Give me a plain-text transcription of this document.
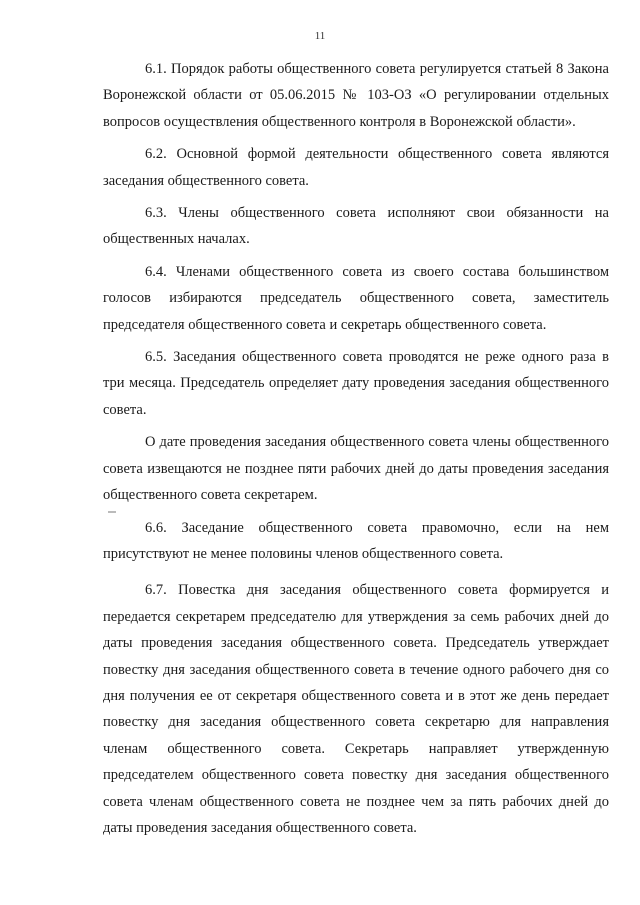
11

6.1. Порядок работы общественного совета регулируется статьей 8 Закона Воронежской области от 05.06.2015 № 103-ОЗ «О регулировании отдельных вопросов осуществления общественного контроля в Воронежской области».

6.2. Основной формой деятельности общественного совета являются заседания общественного совета.

6.3. Члены общественного совета исполняют свои обязанности на общественных началах.

6.4. Членами общественного совета из своего состава большинством голосов избираются председатель общественного совета, заместитель председателя общественного совета и секретарь общественного совета.

6.5. Заседания общественного совета проводятся не реже одного раза в три месяца. Председатель определяет дату проведения заседания общественного совета.

О дате проведения заседания общественного совета члены общественного совета извещаются не позднее пяти рабочих дней до даты проведения заседания общественного совета секретарем.

6.6. Заседание общественного совета правомочно, если на нем присутствуют не менее половины членов общественного совета.

6.7. Повестка дня заседания общественного совета формируется и передается секретарем председателю для утверждения за семь рабочих дней до даты проведения заседания общественного совета. Председатель утверждает повестку дня заседания общественного совета в течение одного рабочего дня со дня получения ее от секретаря общественного совета и в этот же день передает повестку дня заседания общественного совета секретарю для направления членам общественного совета. Секретарь направляет утвержденную председателем общественного совета повестку дня заседания общественного совета членам общественного совета не позднее чем за пять рабочих дней до даты проведения заседания общественного совета.
